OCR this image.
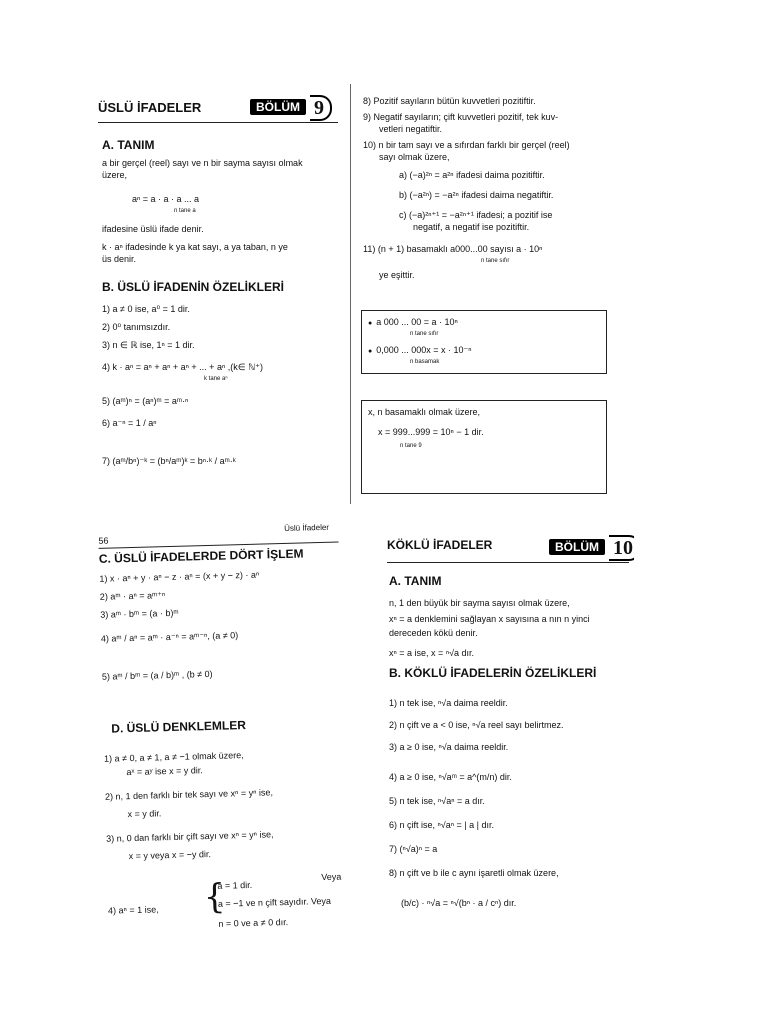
ÜSLÜ İFADELER	BÖLÜM 9
A. TANIM
a bir gerçel (reel) sayı ve n bir sayma sayısı olmak
üzere,
aⁿ = a · a · a ... a
n tane a
ifadesine üslü ifade denir.
k · aⁿ ifadesinde k ya kat sayı, a ya taban, n ye
üs denir.
B. ÜSLÜ İFADENİN ÖZELİKLERİ
1) a ≠ 0 ise, a⁰ = 1 dir.
2) 0⁰ tanımsızdır.
3) n ∈ ℝ ise, 1ⁿ = 1 dir.
4) k · aⁿ = aⁿ + aⁿ + aⁿ + ... + aⁿ ,(k∈ ℕ⁺)
k tane aⁿ
5) (aᵐ)ⁿ = (aⁿ)ᵐ = aᵐ·ⁿ
6) a⁻ⁿ = 1 / aⁿ
7) (aᵐ/bⁿ)⁻ᵏ = (bⁿ/aᵐ)ᵏ = bⁿ·ᵏ / aᵐ·ᵏ
8) Pozitif sayıların bütün kuvvetleri pozitiftir.
9) Negatif sayıların; çift kuvvetleri pozitif, tek kuv-
vetleri negatiftir.
10) n bir tam sayı ve a sıfırdan farklı bir gerçel (reel)
sayı olmak üzere,
a) (−a)²ⁿ = a²ⁿ ifadesi daima pozitiftir.
b) (−a²ⁿ) = −a²ⁿ ifadesi daima negatiftir.
c) (−a)²ⁿ⁺¹ = −a²ⁿ⁺¹ ifadesi; a pozitif ise
negatif, a negatif ise pozitiftir.
11) (n + 1) basamaklı a000...00 sayısı a · 10ⁿ
n tane sıfır
ye eşittir.
● a 000 ... 00 = a · 10ⁿ
n tane sıfır
● 0,000 ... 000x = x · 10⁻ⁿ
n basamak
x, n basamaklı olmak üzere,
x = 999...999 = 10ⁿ − 1 dir.
n tane 9
56
Üslü İfadeler
C. ÜSLÜ İFADELERDE DÖRT İŞLEM
1) x · aⁿ + y · aⁿ − z · aⁿ = (x + y − z) · aⁿ
2) aᵐ · aⁿ = aᵐ⁺ⁿ
3) aᵐ · bᵐ = (a · b)ᵐ
4) aᵐ / aⁿ = aᵐ · a⁻ⁿ = aᵐ⁻ⁿ, (a ≠ 0)
5) aᵐ / bᵐ = (a / b)ᵐ , (b ≠ 0)
D. ÜSLÜ DENKLEMLER
1) a ≠ 0, a ≠ 1, a ≠ −1 olmak üzere,
aˣ = aʸ ise x = y dir.
2) n, 1 den farklı bir tek sayı ve xⁿ = yⁿ ise,
x = y dir.
3) n, 0 dan farklı bir çift sayı ve xⁿ = yⁿ ise,
x = y veya x = −y dir.
4) aⁿ = 1 ise, {
a = 1 dir.
Veya
a = −1 ve n çift sayıdır. Veya
n = 0 ve a ≠ 0 dır.
KÖKLÜ İFADELER	BÖLÜM 10
A. TANIM
n, 1 den büyük bir sayma sayısı olmak üzere,
xⁿ = a denklemini sağlayan x sayısına a nın n yinci
dereceden kökü denir.
xⁿ = a ise, x = ⁿ√a dır.
B. KÖKLÜ İFADELERİN ÖZELİKLERİ
1) n tek ise, ⁿ√a daima reeldir.
2) n çift ve a < 0 ise, ⁿ√a reel sayı belirtmez.
3) a ≥ 0 ise, ⁿ√a daima reeldir.
4) a ≥ 0 ise, ⁿ√aᵐ = a^(m/n) dir.
5) n tek ise, ⁿ√aⁿ = a dır.
6) n çift ise, ⁿ√aⁿ = | a | dır.
7) (ⁿ√a)ⁿ = a
8) n çift ve b ile c aynı işaretli olmak üzere,
(b/c) · ⁿ√a = ⁿ√(bⁿ · a / cⁿ) dır.
